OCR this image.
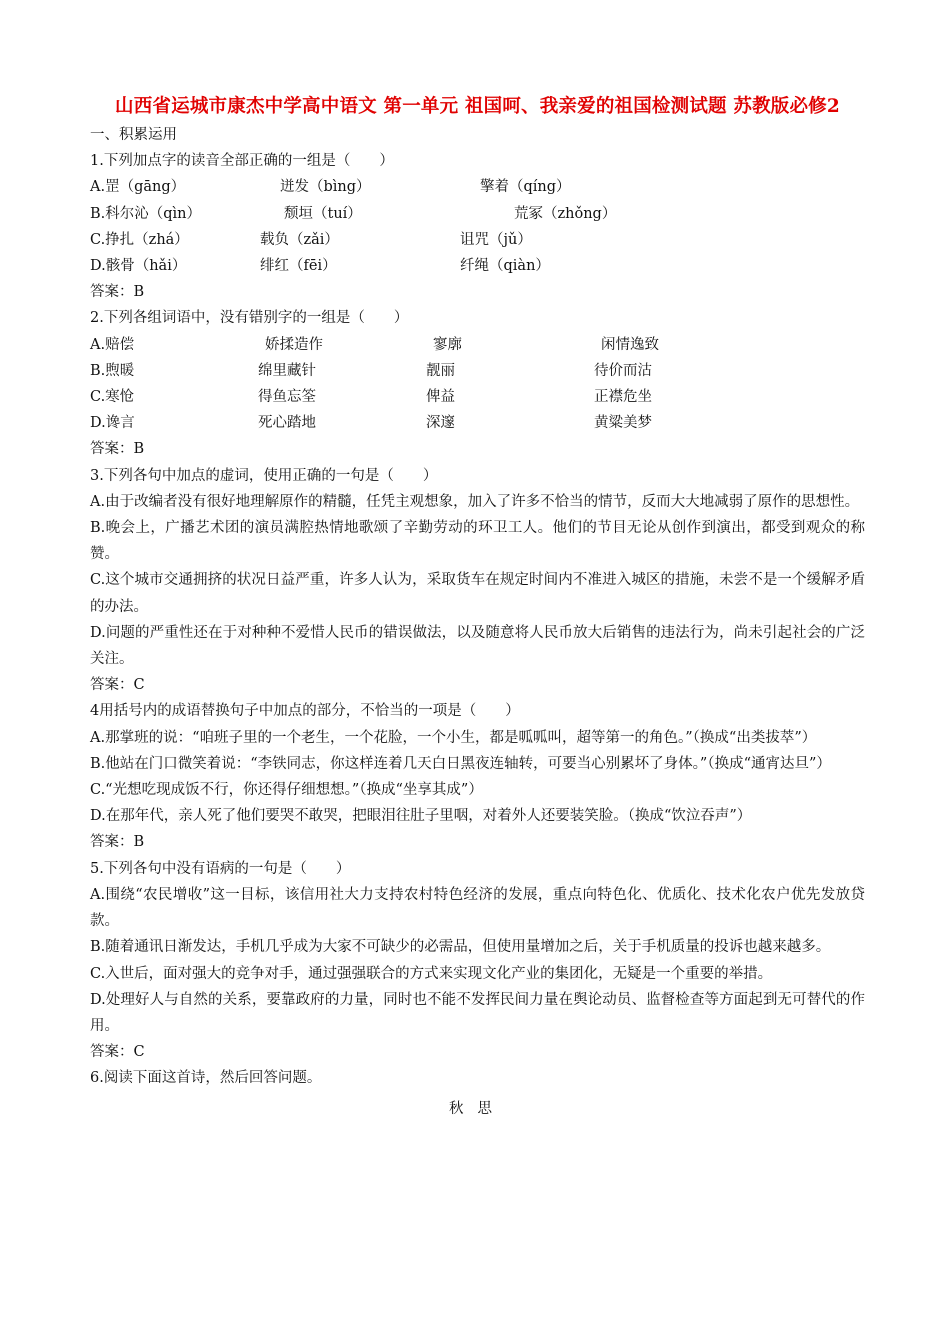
山西省运城市康杰中学高中语文 第一单元 祖国呵、我亲爱的祖国检测试题 苏教版必修2
一、积累运用
1.下列加点字的读音全部正确的一组是（　　）
A.罡（gāng）	迸发（bìng）	擎着（qíng）
B.科尔沁（qìn）	颓垣（tuí）	荒冢（zhǒng）
C.挣扎（zhá）	载负（zǎi）	诅咒（jǔ）
D.骸骨（hǎi）	绯红（fēi）	纤绳（qiàn）
答案：B
2.下列各组词语中，没有错别字的一组是（　　）
A.赔偿	娇揉造作	寥廓	闲情逸致
B.煦暖	绵里藏针	靓丽	待价而沽
C.寒怆	得鱼忘筌	俾益	正襟危坐
D.谗言	死心踏地	深邃	黄粱美梦
答案：B
3.下列各句中加点的虚词，使用正确的一句是（　　）
A.由于改编者没有很好地理解原作的精髓，任凭主观想象，加入了许多不恰当的情节，反而大大地减弱了原作的思想性。
B.晚会上，广播艺术团的演员满腔热情地歌颂了辛勤劳动的环卫工人。他们的节目无论从创作到演出，都受到观众的称赞。
C.这个城市交通拥挤的状况日益严重，许多人认为，采取货车在规定时间内不准进入城区的措施，未尝不是一个缓解矛盾的办法。
D.问题的严重性还在于对种种不爱惜人民币的错误做法，以及随意将人民币放大后销售的违法行为，尚未引起社会的广泛关注。
答案：C
4用括号内的成语替换句子中加点的部分，不恰当的一项是（　　）
A.那掌班的说：“咱班子里的一个老生，一个花脸，一个小生，都是呱呱叫，超等第一的角色。”（换成“出类拔萃”）
B.他站在门口微笑着说：“李铁同志，你这样连着几天白日黑夜连轴转，可要当心别累坏了身体。”（换成“通宵达旦”）
C.“光想吃现成饭不行，你还得仔细想想。”（换成“坐享其成”）
D.在那年代，亲人死了他们要哭不敢哭，把眼泪往肚子里咽，对着外人还要装笑脸。（换成“饮泣吞声”）
答案：B
5.下列各句中没有语病的一句是（　　）
A.围绕“农民增收”这一目标，该信用社大力支持农村特色经济的发展，重点向特色化、优质化、技术化农户优先发放贷款。
B.随着通讯日渐发达，手机几乎成为大家不可缺少的必需品，但使用量增加之后，关于手机质量的投诉也越来越多。
C.入世后，面对强大的竞争对手，通过强强联合的方式来实现文化产业的集团化，无疑是一个重要的举措。
D.处理好人与自然的关系，要靠政府的力量，同时也不能不发挥民间力量在舆论动员、监督检查等方面起到无可替代的作用。
答案：C
6.阅读下面这首诗，然后回答问题。
秋思
